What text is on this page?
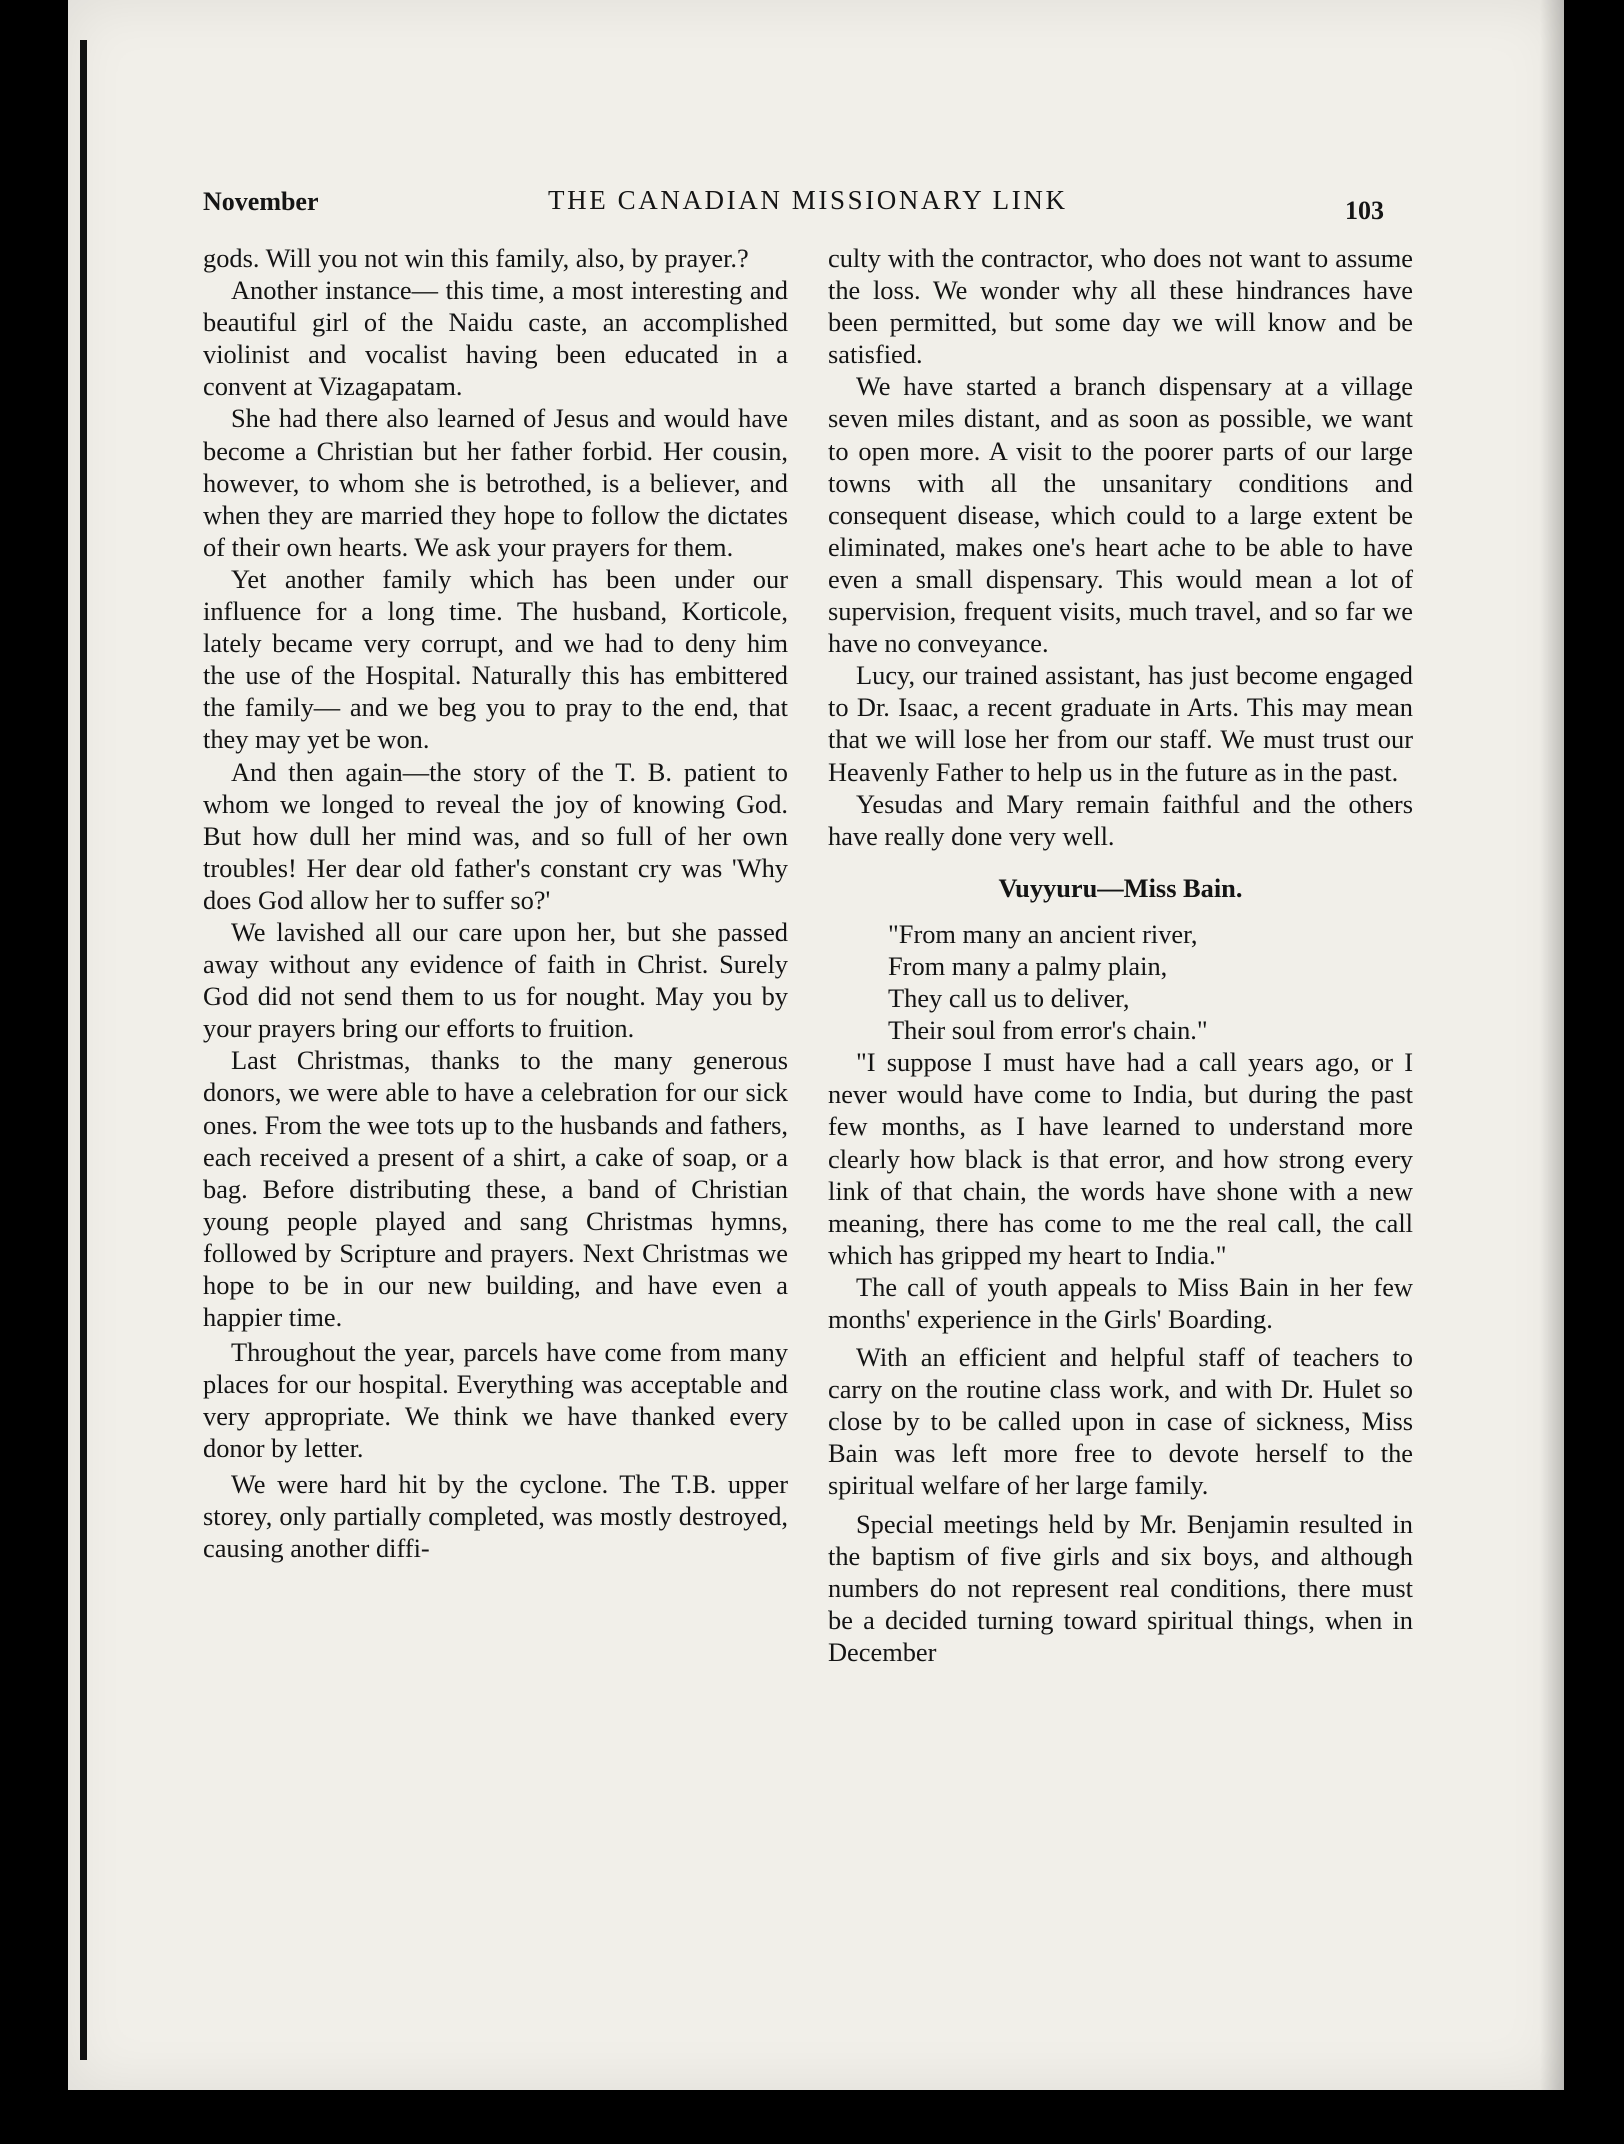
November	THE CANADIAN MISSIONARY LINK	103

gods. Will you not win this family, also, by prayer.?

Another instance— this time, a most interesting and beautiful girl of the Naidu caste, an accomplished violinist and vocalist having been educated in a convent at Vizagapatam.

She had there also learned of Jesus and would have become a Christian but her father forbid. Her cousin, however, to whom she is betrothed, is a believer, and when they are married they hope to follow the dictates of their own hearts. We ask your prayers for them.

Yet another family which has been under our influence for a long time. The husband, Korticole, lately became very corrupt, and we had to deny him the use of the Hospital. Naturally this has embittered the family— and we beg you to pray to the end, that they may yet be won.

And then again—the story of the T. B. patient to whom we longed to reveal the joy of knowing God. But how dull her mind was, and so full of her own troubles! Her dear old father's constant cry was 'Why does God allow her to suffer so?'

We lavished all our care upon her, but she passed away without any evidence of faith in Christ. Surely God did not send them to us for nought. May you by your prayers bring our efforts to fruition.

Last Christmas, thanks to the many generous donors, we were able to have a celebration for our sick ones. From the wee tots up to the husbands and fathers, each received a present of a shirt, a cake of soap, or a bag. Before distributing these, a band of Christian young people played and sang Christmas hymns, followed by Scripture and prayers. Next Christmas we hope to be in our new building, and have even a happier time.

Throughout the year, parcels have come from many places for our hospital. Everything was acceptable and very appropriate. We think we have thanked every donor by letter.

We were hard hit by the cyclone. The T.B. upper storey, only partially completed, was mostly destroyed, causing another diffi-

culty with the contractor, who does not want to assume the loss. We wonder why all these hindrances have been permitted, but some day we will know and be satisfied.

We have started a branch dispensary at a village seven miles distant, and as soon as possible, we want to open more. A visit to the poorer parts of our large towns with all the unsanitary conditions and consequent disease, which could to a large extent be eliminated, makes one's heart ache to be able to have even a small dispensary. This would mean a lot of supervision, frequent visits, much travel, and so far we have no conveyance.

Lucy, our trained assistant, has just become engaged to Dr. Isaac, a recent graduate in Arts. This may mean that we will lose her from our staff. We must trust our Heavenly Father to help us in the future as in the past.

Yesudas and Mary remain faithful and the others have really done very well.

Vuyyuru—Miss Bain.
"From many an ancient river,
From many a palmy plain,
They call us to deliver,
Their soul from error's chain."

"I suppose I must have had a call years ago, or I never would have come to India, but during the past few months, as I have learned to understand more clearly how black is that error, and how strong every link of that chain, the words have shone with a new meaning, there has come to me the real call, the call which has gripped my heart to India."

The call of youth appeals to Miss Bain in her few months' experience in the Girls' Boarding.

With an efficient and helpful staff of teachers to carry on the routine class work, and with Dr. Hulet so close by to be called upon in case of sickness, Miss Bain was left more free to devote herself to the spiritual welfare of her large family.

Special meetings held by Mr. Benjamin resulted in the baptism of five girls and six boys, and although numbers do not represent real conditions, there must be a decided turning toward spiritual things, when in December
